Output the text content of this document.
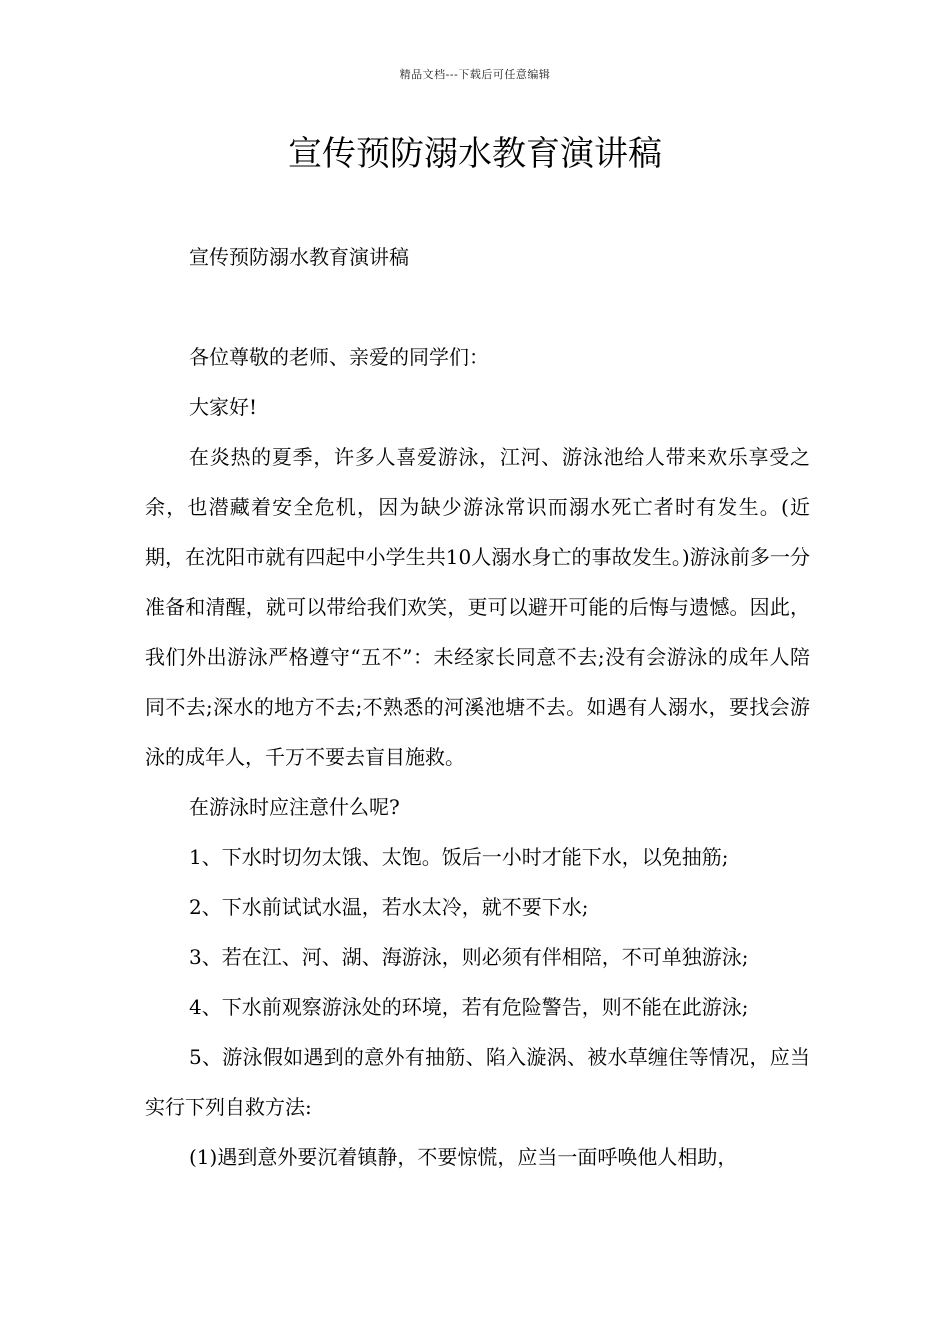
精品文档---下载后可任意编辑
宣传预防溺水教育演讲稿

宣传预防溺水教育演讲稿

各位尊敬的老师、亲爱的同学们：

大家好!

在炎热的夏季，许多人喜爱游泳，江河、游泳池给人带来欢乐享受之余，也潜藏着安全危机，因为缺少游泳常识而溺水死亡者时有发生。(近期，在沈阳市就有四起中小学生共10人溺水身亡的事故发生。)游泳前多一分准备和清醒，就可以带给我们欢笑，更可以避开可能的后悔与遗憾。因此，我们外出游泳严格遵守“五不”：未经家长同意不去;没有会游泳的成年人陪同不去;深水的地方不去;不熟悉的河溪池塘不去。如遇有人溺水，要找会游泳的成年人，千万不要去盲目施救。

在游泳时应注意什么呢?

1、下水时切勿太饿、太饱。饭后一小时才能下水，以免抽筋;

2、下水前试试水温，若水太冷，就不要下水;

3、若在江、河、湖、海游泳，则必须有伴相陪，不可单独游泳;

4、下水前观察游泳处的环境，若有危险警告，则不能在此游泳;

5、游泳假如遇到的意外有抽筋、陷入漩涡、被水草缠住等情况，应当实行下列自救方法:

(1)遇到意外要沉着镇静，不要惊慌，应当一面呼唤他人相助，
